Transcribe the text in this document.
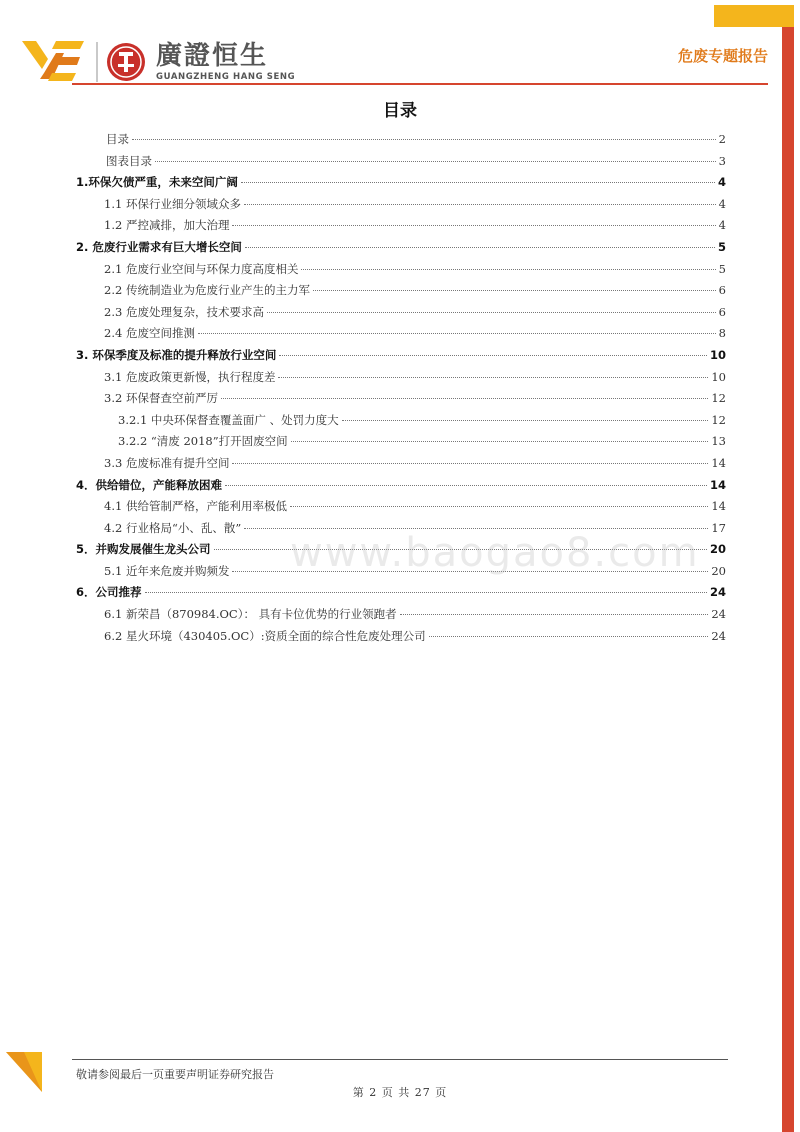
廣證恒生
GUANGZHENG HANG SENG
危废专题报告
目录
目录	2
图表目录	3
1.环保欠债严重，未来空间广阔	4
1.1 环保行业细分领域众多	4
1.2 严控减排，加大治理	4
2. 危废行业需求有巨大增长空间	5
2.1 危废行业空间与环保力度高度相关	5
2.2 传统制造业为危废行业产生的主力军	6
2.3 危废处理复杂，技术要求高	6
2.4 危废空间推测	8
3. 环保季度及标准的提升释放行业空间	10
3.1 危废政策更新慢，执行程度差	10
3.2 环保督查空前严厉	12
3.2.1 中央环保督查覆盖面广 、处罚力度大	12
3.2.2 “清废 2018”打开固废空间	13
3.3 危废标准有提升空间	14
4．供给错位，产能释放困难	14
4.1 供给管制严格，产能利用率极低	14
4.2 行业格局“小、乱、散”	17
5．并购发展催生龙头公司	20
5.1 近年来危废并购频发	20
6．公司推荐	24
6.1 新荣昌（870984.OC）： 具有卡位优势的行业领跑者	24
6.2 星火环境（430405.OC）:资质全面的综合性危废处理公司	24
www.baogao8.com
敬请参阅最后一页重要声明证券研究报告
第 2 页 共 27 页
